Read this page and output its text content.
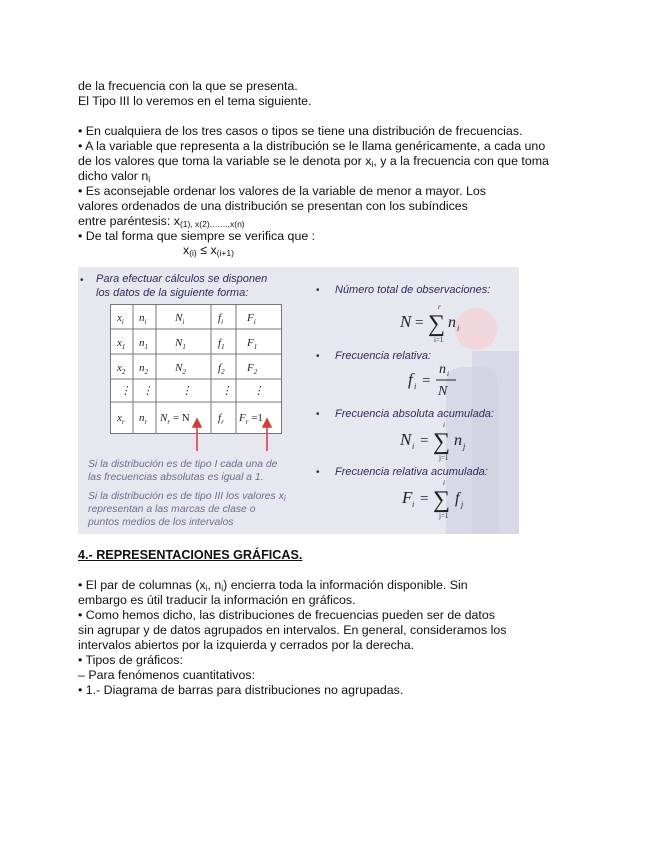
de la frecuencia con la que se presenta.
El Tipo III lo veremos en el tema siguiente.
• En cualquiera de los tres casos o tipos se tiene una distribución de frecuencias.
• A la variable que representa a la distribución se le llama genéricamente, a cada uno
de los valores que toma la variable se le denota por $x_i$, y a la frecuencia con que toma
dicho valor $n_i$
• Es aconsejable ordenar los valores de la variable de menor a mayor. Los
valores ordenados de una distribución se presentan con los subíndices
entre paréntesis: $x_{(1), x(2),\dots...,x(n)}$
• De tal forma que siempre se verifica que :
$x_{(i)} \le x_{(i+1)}$
• Para efectuar cálculos se disponen
los datos de la siguiente forma:
$x_i$ $n_i$	$N_i$	$f_i$ $F_i$
$x_1$ $n_1$ $N_1$	$f_1$ $F_1$
$x_2$ $n_2$ $N_2$	$f_2$ $F_2$
⋮ ⋮	⋮	⋮ ⋮
$x_r$ $n_r$ $N_r = N$	$f_r$ $F_r =1$
Si la distribución es de tipo I cada una de
las frecuencias absolutas es igual a 1.
Si la distribución es de tipo III los valores $x_i$
representan a las marcas de clase o
puntos medios de los intervalos
• Número total de observaciones:
N = ∑
r
i=1
n i
• Frecuencia relativa:
f i =
n i
N
• Frecuencia absoluta acumulada:
N i = ∑
i
j=1
n j
• Frecuencia relativa acumulada:
F i = ∑
i
j=1
f j
4.- REPRESENTACIONES GRÁFICAS.
• El par de columnas ($x_i$, $n_i$) encierra toda la información disponible. Sin
embargo es útil traducir la información en gráficos.
• Como hemos dicho, las distribuciones de frecuencias pueden ser de datos
sin agrupar y de datos agrupados en intervalos. En general, consideramos los
intervalos abiertos por la izquierda y cerrados por la derecha.
• Tipos de gráficos:
– Para fenómenos cuantitativos:
• 1.- Diagrama de barras para distribuciones no agrupadas.
